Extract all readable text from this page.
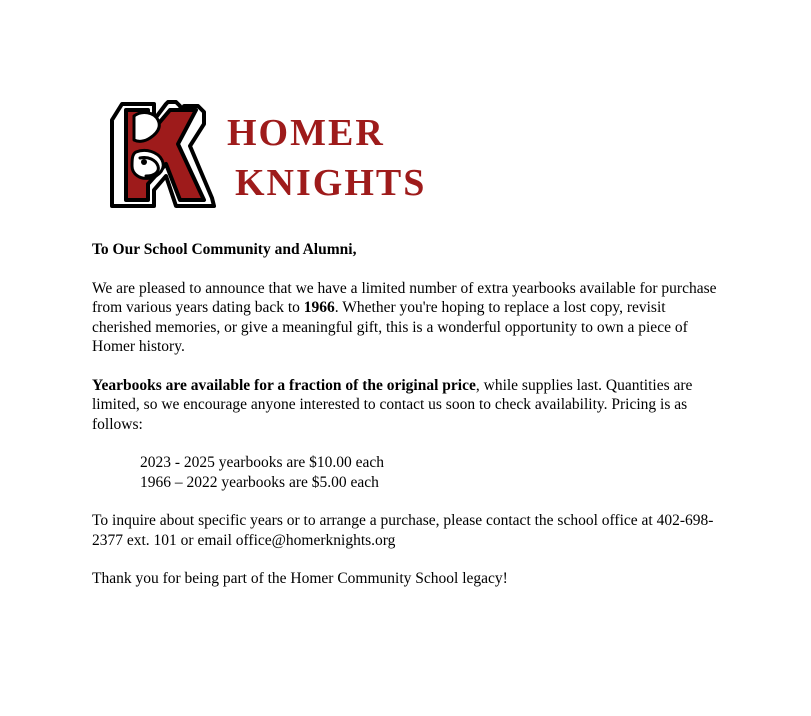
HOMER
KNIGHTS

To Our School Community and Alumni,

We are pleased to announce that we have a limited number of extra yearbooks available for purchase from various years dating back to 1966. Whether you're hoping to replace a lost copy, revisit cherished memories, or give a meaningful gift, this is a wonderful opportunity to own a piece of Homer history.

Yearbooks are available for a fraction of the original price, while supplies last. Quantities are limited, so we encourage anyone interested to contact us soon to check availability. Pricing is as follows:

2023 - 2025 yearbooks are $10.00 each
1966 – 2022 yearbooks are $5.00 each

To inquire about specific years or to arrange a purchase, please contact the school office at 402-698-2377 ext. 101 or email office@homerknights.org

Thank you for being part of the Homer Community School legacy!
